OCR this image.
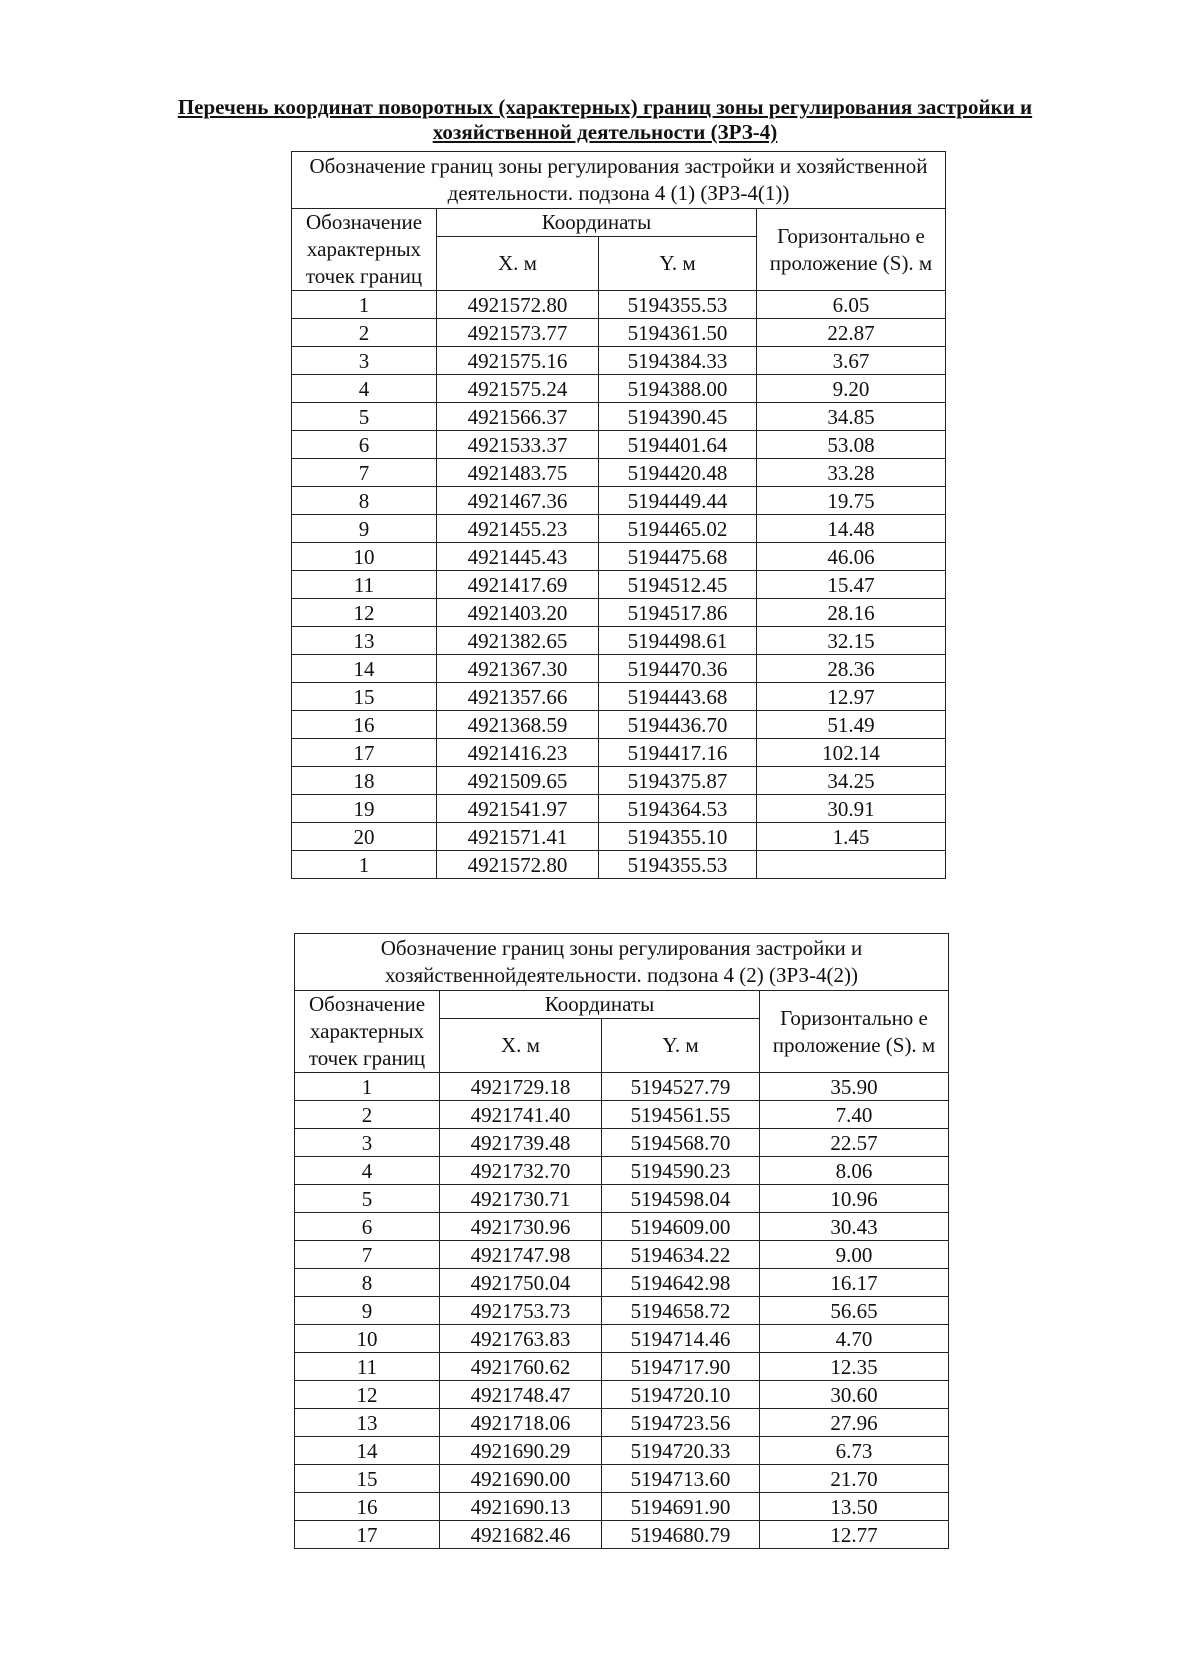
Перечень координат поворотных (характерных) границ зоны регулирования застройки и хозяйственной деятельности (ЗРЗ-4)
Обозначение границ зоны регулирования застройки и хозяйственной деятельности. подзона 4 (1) (ЗРЗ-4(1))			
Обозначение характерных точек границ	Координаты		Горизонтально е проложение (S). м
	X. м	Y. м	
1	4921572.80	5194355.53	6.05
2	4921573.77	5194361.50	22.87
3	4921575.16	5194384.33	3.67
4	4921575.24	5194388.00	9.20
5	4921566.37	5194390.45	34.85
6	4921533.37	5194401.64	53.08
7	4921483.75	5194420.48	33.28
8	4921467.36	5194449.44	19.75
9	4921455.23	5194465.02	14.48
10	4921445.43	5194475.68	46.06
11	4921417.69	5194512.45	15.47
12	4921403.20	5194517.86	28.16
13	4921382.65	5194498.61	32.15
14	4921367.30	5194470.36	28.36
15	4921357.66	5194443.68	12.97
16	4921368.59	5194436.70	51.49
17	4921416.23	5194417.16	102.14
18	4921509.65	5194375.87	34.25
19	4921541.97	5194364.53	30.91
20	4921571.41	5194355.10	1.45
1	4921572.80	5194355.53	
Обозначение границ зоны регулирования застройки и хозяйственнойдеятельности. подзона 4 (2) (ЗРЗ-4(2))			
Обозначение характерных точек границ	Координаты		Горизонтально е проложение (S). м
	X. м	Y. м	
1	4921729.18	5194527.79	35.90
2	4921741.40	5194561.55	7.40
3	4921739.48	5194568.70	22.57
4	4921732.70	5194590.23	8.06
5	4921730.71	5194598.04	10.96
6	4921730.96	5194609.00	30.43
7	4921747.98	5194634.22	9.00
8	4921750.04	5194642.98	16.17
9	4921753.73	5194658.72	56.65
10	4921763.83	5194714.46	4.70
11	4921760.62	5194717.90	12.35
12	4921748.47	5194720.10	30.60
13	4921718.06	5194723.56	27.96
14	4921690.29	5194720.33	6.73
15	4921690.00	5194713.60	21.70
16	4921690.13	5194691.90	13.50
17	4921682.46	5194680.79	12.77
